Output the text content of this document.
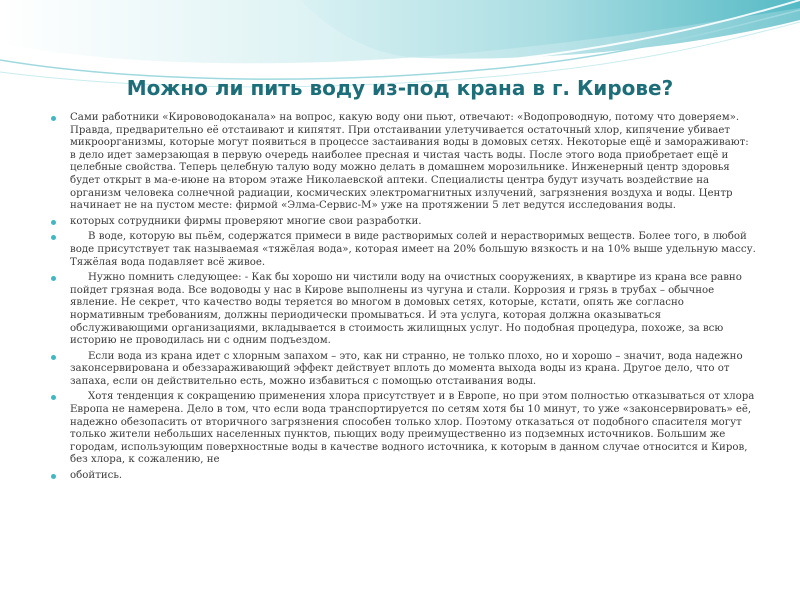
Можно ли пить воду из-под крана в г. Кирове?

Сами работники «Кирововодоканала» на вопрос, какую воду они пьют, отвечают: «Водопроводную, потому что доверяем». Правда, предварительно её отстаивают и кипятят. При отстаивании улетучивается остаточный хлор, кипячение убивает микроорганизмы, которые могут появиться в процессе застаивания воды в домовых сетях. Некоторые ещё и замораживают: в дело идет замерзающая в первую очередь наиболее пресная и чистая часть воды. После этого вода приобретает ещё и целебные свойства. Теперь целебную талую воду можно делать в домашнем морозильнике. Инженерный центр здоровья будет открыт в ма-е-июне на втором этаже Николаевской аптеки. Специалисты центра будут изучать воздействие на организм человека солнечной радиации, космических электромагнитных излучений, загрязнения воздуха и воды. Центр начинает не на пустом месте: фирмой «Элма-Сервис-М» уже на протяжении 5 лет ведутся исследования воды.

которых сотрудники фирмы проверяют многие свои разработки.

В воде, которую вы пьём, содержатся примеси в виде растворимых солей и нерастворимых веществ. Более того, в любой воде присутствует так называемая «тяжёлая вода», которая имеет на 20% большую вязкость и на 10% выше удельную массу. Тяжёлая вода подавляет всё живое.

Нужно помнить следующее: - Как бы хорошо ни чистили воду на очистных сооружениях, в квартире из крана все равно пойдет грязная вода. Все водоводы у нас в Кирове выполнены из чугуна и стали. Коррозия и грязь в трубах – обычное явление. Не секрет, что качество воды теряется во многом в домовых сетях, которые, кстати, опять же согласно нормативным требованиям, должны периодически промываться. И эта услуга, которая должна оказываться обслуживающими организациями, вкладывается в стоимость жилищных услуг. Но подобная процедура, похоже, за всю историю не проводилась ни с одним подъездом.

Если вода из крана идет с хлорным запахом – это, как ни странно, не только плохо, но и хорошо – значит, вода надежно законсервирована и обеззараживающий эффект действует вплоть до момента выхода воды из крана. Другое дело, что от запаха, если он действительно есть, можно избавиться с помощью отстаивания воды.

Хотя тенденция к сокращению применения хлора присутствует и в Европе, но при этом полностью отказываться от хлора Европа не намерена. Дело в том, что если вода транспортируется по сетям хотя бы 10 минут, то уже «законсервировать» её, надежно обезопасить от вторичного загрязнения способен только хлор. Поэтому отказаться от подобного спасителя могут только жители небольших населенных пунктов, пьющих воду преимущественно из подземных источников. Большим же городам, использующим поверхностные воды в качестве водного источника, к которым в данном случае относится и Киров, без хлора, к сожалению, не

обойтись.
